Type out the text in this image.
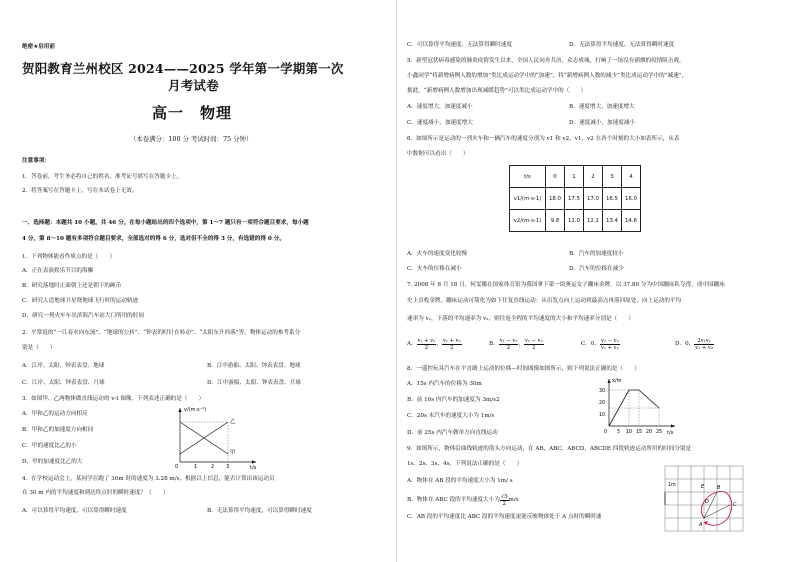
绝密★启用前
贺阳教育兰州校区 2024——2025 学年第一学期第一次
月考试卷
高一　物理
（本卷满分：100 分 考试时间：75 分钟）
注意事项：
1．答卷前，考生务必将自己的姓名、准考证号填写在答题卡上。
2．将答案写在答题卡上，写在本试卷上无效。
一、选择题：本题共 10 小题，共 46 分。在每小题给出的四个选项中，第 1～7 题只有一项符合题目要求，每小题
4 分，第 8～10 题有多项符合题目要求，全部选对的得 6 分，选对但不全的得 3 分，有选错的得 0 分。
1．下列物体能看作质点的是（　　）
A．正在表演娱乐节目的海狮
B．研究落地时正面朝上还是朝下的硬币
C．研究人造地球卫星绕地球飞行时的运动轨迹
D．研究一列火车车出滨海汽车站大门所用的时间
2．平常说的“一江春水向东流”、“地球的公转”、“钟表的时针在转动”、“太阳东升西落”等，物体运动的参考系分
别是（　　）
A．江岸、太阳、钟表表盘、地球	B．江中游船、太阳、钟表表盘、地球
C．江岸、太阳、钟表表盘、月球	D．江中游船、太阳、钟表表盘、月球
3．如图甲、乙两物体做直线运动的 v-t 图像，下列表述正确的是（　　）
A．甲和乙的运动方向相反
B．甲和乙的加速度方向相同
C．甲的速度比乙的小
D．甲的加速度比乙的大
v/(m·s⁻¹)
t/s
0	1	2 3
乙
甲
4．在学校运动会上，某同学在跑了 30m 时的速度为 3.28 m/s，根据以上信息，能否计算出该运动员
在 30 m 内的平均速度和到达终点时的瞬时速度？（　　）
A．可以算得平均速度，可以算得瞬时速度	B．无法算得平均速度，可以算得瞬时速度
C．可以算得平均速度，无法算得瞬时速度	D．无法算得平均速度，无法算得瞬时速度
5．新型冠状病毒感染的肺炎疫情发生以来，全国人民同舟共济，众志成城，打响了一场没有硝烟的疫情阻击战。
小鑫同学“将新增病例人数的增加”类比成运动学中的“加速”，将“新增病例人数的减少”类比成运动学中的“减速”，
据此，“新增病例人数增加出现减缓趋势”可以类比成运动学中的（　　）
A．速度增大，加速度减小	B．速度增大，加速度增大
C．速度减小，加速度增大	D．速度减小，加速度减小
6．如图所示是运动的一列火车和一辆汽车的速度分别为 v1 和 v2，v1，v2 在各个时刻的大小如表所示，从表
中数据可以看出（　　）
t/s	0	1	2	3	4
v1/(m·s-1)	18.0	17.5	17.0	16.5	16.0
v2/(m·s-1)	9.8	11.0	12.2	13.4	14.6
A．火车的速度变化较慢	B．汽车的加速度较小
C．火车的位移在减小	D．汽车的位移在减少
7. 2008 年 8 月 18 日，何雯娜在国家体育馆为我国拿下第一块奥运女子蹦床金牌，以 37.80 分为中国蹦床队夺得，成中国蹦床
史上首枚金牌。蹦床运动可简化为如下往复直线运动：从出发点向上运动到最高点再落回原处，向上运动的平均
速率为 v₁，下落的平均速率为 v₂，则往返全程的平均速度的大小和平均速率分别是（　　）
A． $\frac{\text{v₁ + v₂}}{2}$ ， $\frac{\text{v₁ + v₂}}{2}$	B． $\frac{\text{v₁ − v₂}}{2}$ ， $\frac{\text{v₁ − v₂}}{2}$	C．0， $\frac{\text{v₁ − v₂}}{\text{v₁ + v₂}}$	D．0， $\frac{\text{2v₁v₂}}{\text{v₁ + v₂}}$
8．一遥控玩具汽车在平直路上运动的位移—时间图像如图所示，则下列说法正确的是（　　）
A．15s 内汽车的位移为 30m
B．前 10s 内汽车的加速度为 3m/s2
C．20s 末汽车的速度大小为 1m/s
D．前 25s 内汽车做单方向直线运动
x/m
t/s
30
20
10
0 5 10 15 20 25
9．如图所示，物体沿曲线轨迹的箭头方向运动，在 AB、ABC、ABCD、ABCDE 四段轨迹运动所用的时间分别是
1s、2s、3s、4s，下列说法正确的是（　　）
A．物体在 AB 段的平均速度大小为 1m/ s
B．物体在 ABC 段的平均速度大小为 $\frac{√5}{2} m/s$
C．AB 段的平均速度比 ABC 段的平均速度更能反映物体处于 A 点时的瞬时速
1m
A
B
C
D
E
